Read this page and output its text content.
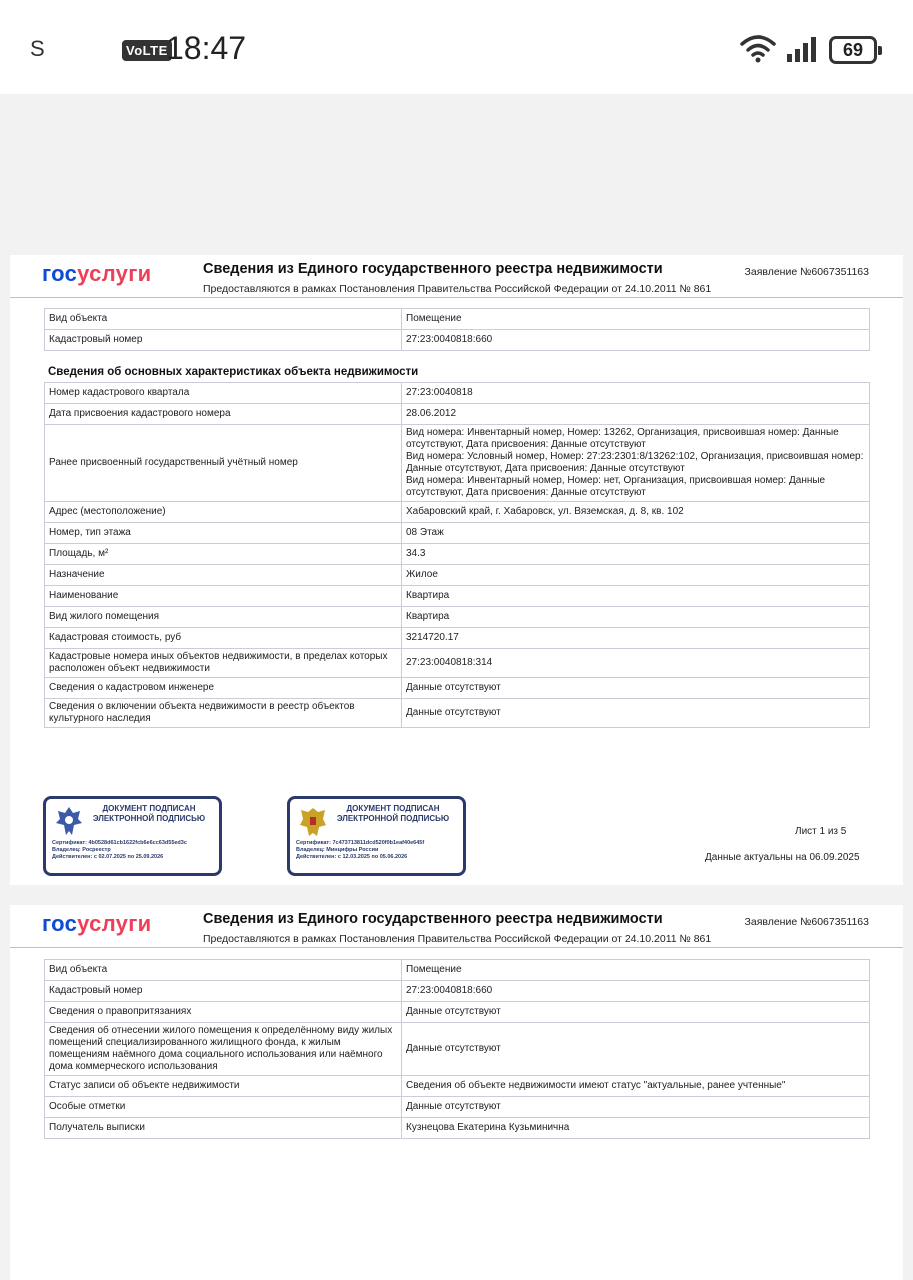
S	VoLTE
18:47	69
госуслуги	Сведения из Единого государственного реестра недвижимости
Предоставляются в рамках Постановления Правительства Российской Федерации от 24.10.2011 № 861
Заявление №6067351163
Вид объекта	Помещение
Кадастровый номер	27:23:0040818:660
Сведения об основных характеристиках объекта недвижимости
Номер кадастрового квартала	27:23:0040818
Дата присвоения кадастрового номера	28.06.2012
Ранее присвоенный государственный учётный номер	Вид номера: Инвентарный номер, Номер: 13262, Организация, присвоившая номер: Данные отсутствуют, Дата присвоения: Данные отсутствуют
Вид номера: Условный номер, Номер: 27:23:2301:8/13262:102, Организация, присвоившая номер: Данные отсутствуют, Дата присвоения: Данные отсутствуют
Вид номера: Инвентарный номер, Номер: нет, Организация, присвоившая номер: Данные отсутствуют, Дата присвоения: Данные отсутствуют
Адрес (местоположение)	Хабаровский край, г. Хабаровск, ул. Вяземская, д. 8, кв. 102
Номер, тип этажа	08 Этаж
Площадь, м²	34.3
Назначение	Жилое
Наименование	Квартира
Вид жилого помещения	Квартира
Кадастровая стоимость, руб	3214720.17
Кадастровые номера иных объектов недвижимости, в пределах которых расположен объект недвижимости	27:23:0040818:314
Сведения о кадастровом инженере	Данные отсутствуют
Сведения о включении объекта недвижимости в реестр объектов культурного наследия	Данные отсутствуют
ДОКУМЕНТ ПОДПИСАН ЭЛЕКТРОННОЙ ПОДПИСЬЮ
Сертификат: 4b0528d61cb1622fcb6e6cc63d55ed3c
Владелец: Росреестр
Действителен: с 02.07.2025 по 25.09.2026
ДОКУМЕНТ ПОДПИСАН ЭЛЕКТРОННОЙ ПОДПИСЬЮ
Сертификат: 7c473713811dcd520f0b1eaf40e645f
Владелец: Минцифры России
Действителен: с 12.03.2025 по 05.06.2026
Лист 1 из 5
Данные актуальны на 06.09.2025
госуслуги	Сведения из Единого государственного реестра недвижимости
Предоставляются в рамках Постановления Правительства Российской Федерации от 24.10.2011 № 861
Заявление №6067351163
Вид объекта	Помещение
Кадастровый номер	27:23:0040818:660
Сведения о правопритязаниях	Данные отсутствуют
Сведения об отнесении жилого помещения к определённому виду жилых помещений специализированного жилищного фонда, к жилым помещениям наёмного дома социального использования или наёмного дома коммерческого использования	Данные отсутствуют
Статус записи об объекте недвижимости	Сведения об объекте недвижимости имеют статус "актуальные, ранее учтенные"
Особые отметки	Данные отсутствуют
Получатель выписки	Кузнецова Екатерина Кузьминична
